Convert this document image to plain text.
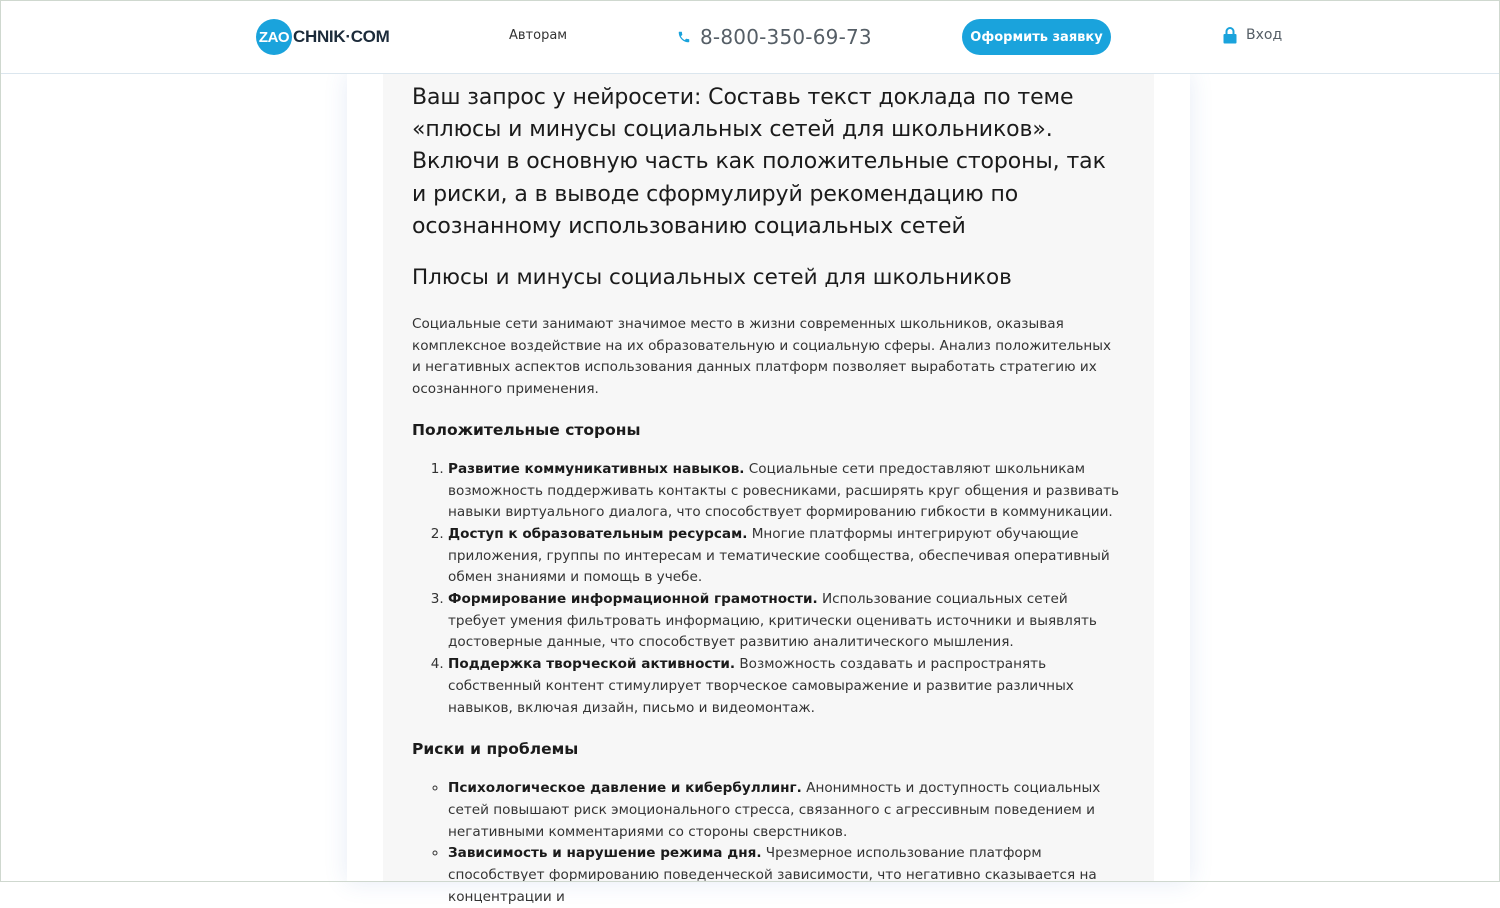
ZAO CHNIK·COM	Авторам	8-800-350-69-73	Оформить заявку	Вход
Ваш запрос у нейросети: Составь текст доклада по теме «плюсы и минусы социальных сетей для школьников». Включи в основную часть как положительные стороны, так и риски, а в выводе сформулируй рекомендацию по осознанному использованию социальных сетей
Плюсы и минусы социальных сетей для школьников

Социальные сети занимают значимое место в жизни современных школьников, оказывая комплексное воздействие на их образовательную и социальную сферы. Анализ положительных и негативных аспектов использования данных платформ позволяет выработать стратегию их осознанного применения.

Положительные стороны
1. Развитие коммуникативных навыков. Социальные сети предоставляют школьникам возможность поддерживать контакты с ровесниками, расширять круг общения и развивать навыки виртуального диалога, что способствует формированию гибкости в коммуникации.
2. Доступ к образовательным ресурсам. Многие платформы интегрируют обучающие приложения, группы по интересам и тематические сообщества, обеспечивая оперативный обмен знаниями и помощь в учебе.
3. Формирование информационной грамотности. Использование социальных сетей требует умения фильтровать информацию, критически оценивать источники и выявлять достоверные данные, что способствует развитию аналитического мышления.
4. Поддержка творческой активности. Возможность создавать и распространять собственный контент стимулирует творческое самовыражение и развитие различных навыков, включая дизайн, письмо и видеомонтаж.
Риски и проблемы
◦ Психологическое давление и кибербуллинг. Анонимность и доступность социальных сетей повышают риск эмоционального стресса, связанного с агрессивным поведением и негативными комментариями со стороны сверстников.
◦ Зависимость и нарушение режима дня. Чрезмерное использование платформ способствует формированию поведенческой зависимости, что негативно сказывается на концентрации и
